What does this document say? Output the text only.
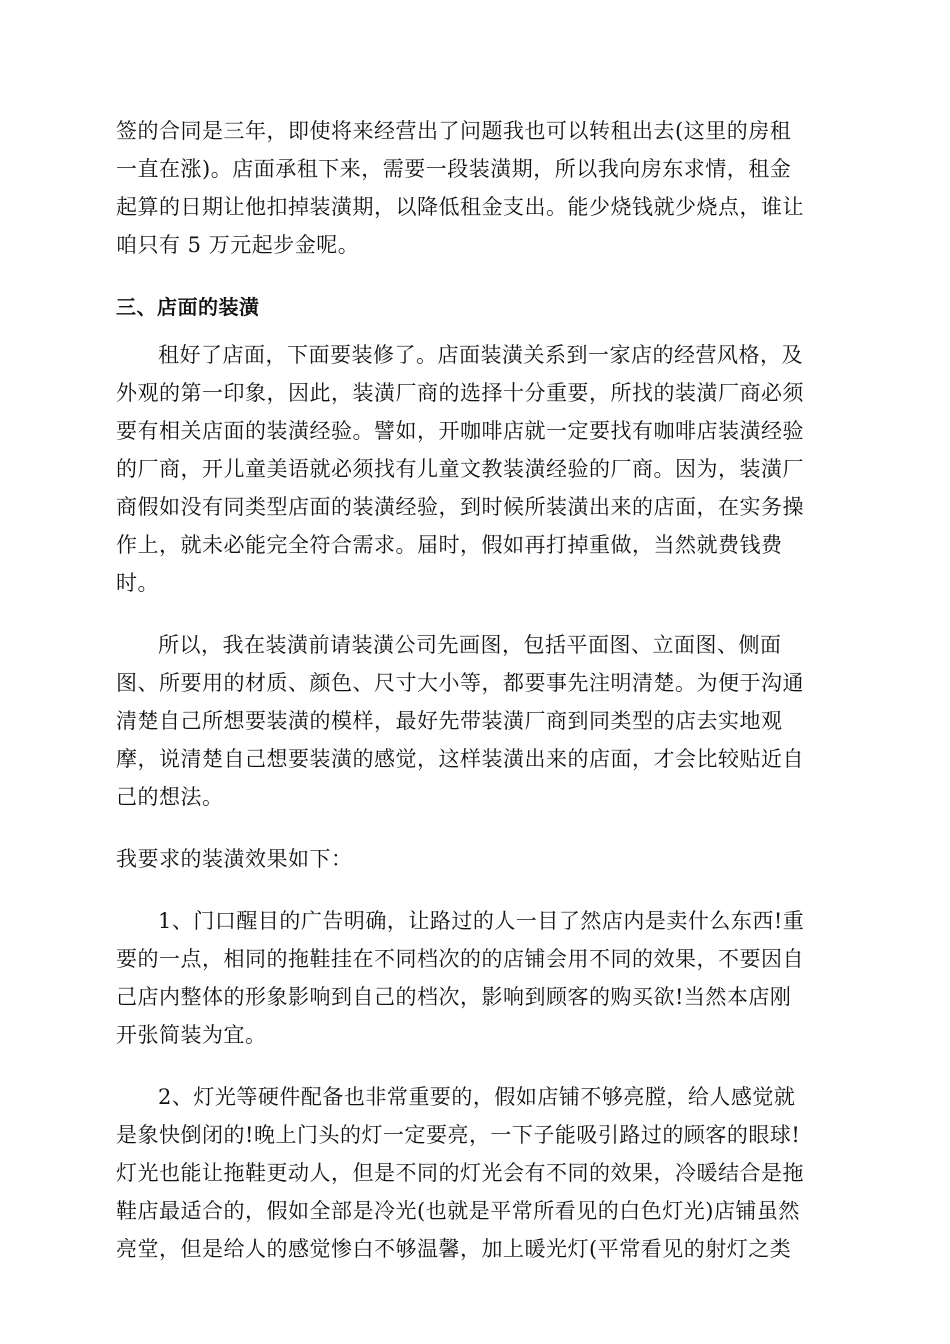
签的合同是三年，即使将来经营出了问题我也可以转租出去(这里的房租
一直在涨)。店面承租下来，需要一段装潢期，所以我向房东求情，租金
起算的日期让他扣掉装潢期，以降低租金支出。能少烧钱就少烧点，谁让
咱只有 5 万元起步金呢。
三、店面的装潢
租好了店面，下面要装修了。店面装潢关系到一家店的经营风格，及
外观的第一印象，因此，装潢厂商的选择十分重要，所找的装潢厂商必须
要有相关店面的装潢经验。譬如，开咖啡店就一定要找有咖啡店装潢经验
的厂商，开儿童美语就必须找有儿童文教装潢经验的厂商。因为，装潢厂
商假如没有同类型店面的装潢经验，到时候所装潢出来的店面，在实务操
作上，就未必能完全符合需求。届时，假如再打掉重做，当然就费钱费
时。
所以，我在装潢前请装潢公司先画图，包括平面图、立面图、侧面
图、所要用的材质、颜色、尺寸大小等，都要事先注明清楚。为便于沟通
清楚自己所想要装潢的模样，最好先带装潢厂商到同类型的店去实地观
摩，说清楚自己想要装潢的感觉，这样装潢出来的店面，才会比较贴近自
己的想法。
我要求的装潢效果如下：
1、门口醒目的广告明确，让路过的人一目了然店内是卖什么东西!重
要的一点，相同的拖鞋挂在不同档次的的店铺会用不同的效果，不要因自
己店内整体的形象影响到自己的档次，影响到顾客的购买欲!当然本店刚
开张简装为宜。
2、灯光等硬件配备也非常重要的，假如店铺不够亮膛，给人感觉就
是象快倒闭的!晚上门头的灯一定要亮，一下子能吸引路过的顾客的眼球!
灯光也能让拖鞋更动人，但是不同的灯光会有不同的效果，冷暖结合是拖
鞋店最适合的，假如全部是冷光(也就是平常所看见的白色灯光)店铺虽然
亮堂，但是给人的感觉惨白不够温馨，加上暖光灯(平常看见的射灯之类
